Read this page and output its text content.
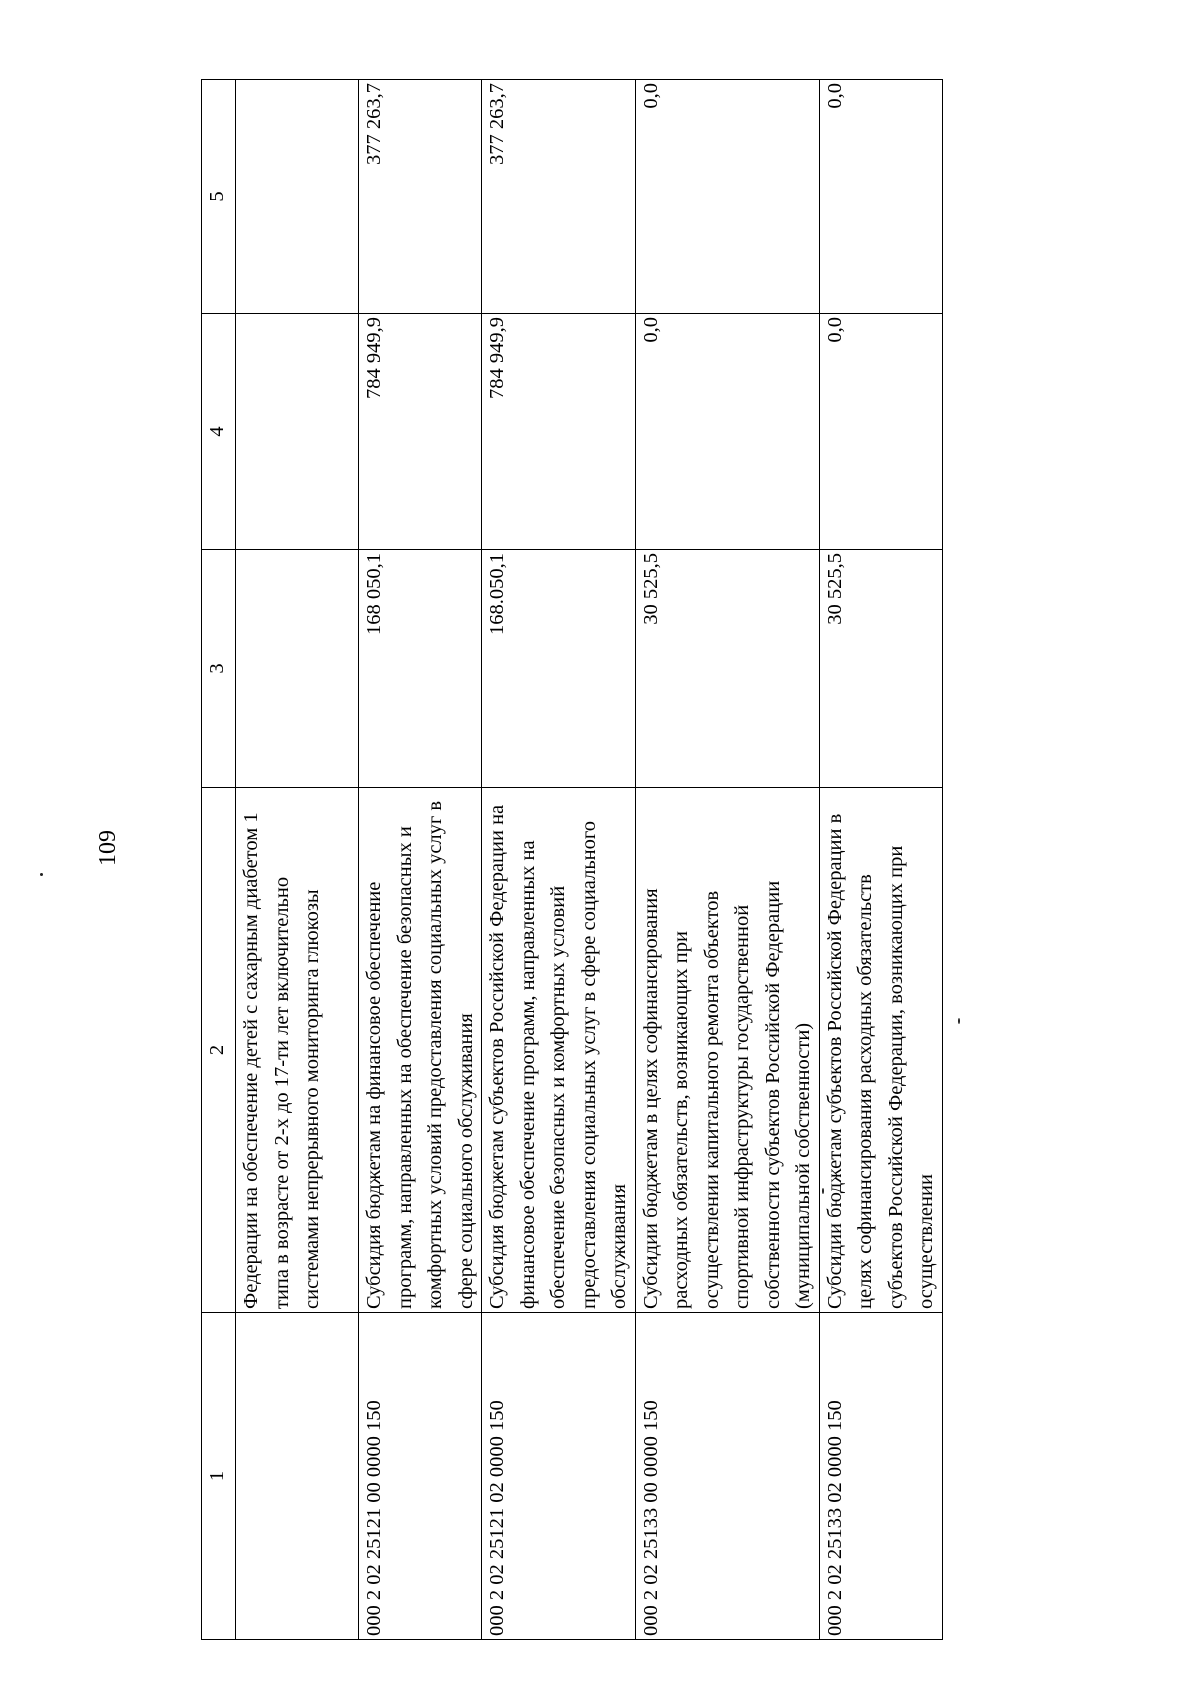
109
1	2	3	4	5
	Федерации на обеспечение детей с сахарным диабетом 1 типа в возрасте от 2-х до 17-ти лет включительно системами непрерывного мониторинга глюкозы			
000 2 02 25121 00 0000 150	Субсидия бюджетам на финансовое обеспечение программ, направленных на обеспечение безопасных и комфортных условий предоставления социальных услуг в сфере социального обслуживания	168 050,1	784 949,9	377 263,7
000 2 02 25121 02 0000 150	Субсидия бюджетам субъектов Российской Федерации на финансовое обеспечение программ, направленных на обеспечение безопасных и комфортных условий предоставления социальных услуг в сфере социального обслуживания	168.050,1	784 949,9	377 263,7
000 2 02 25133 00 0000 150	Субсидии бюджетам в целях софинансирования расходных обязательств, возникающих при осуществлении капитального ремонта объектов спортивной инфраструктуры государственной собственности субъектов Российской Федерации (муниципальной собственности)	30 525,5	0,0	0,0
000 2 02 25133 02 0000 150	Субсидии бюджетам субъектов Российской Федерации в целях софинансирования расходных обязательств субъектов Российской Федерации, возникающих при осуществлении	30 525,5	0,0	0,0
